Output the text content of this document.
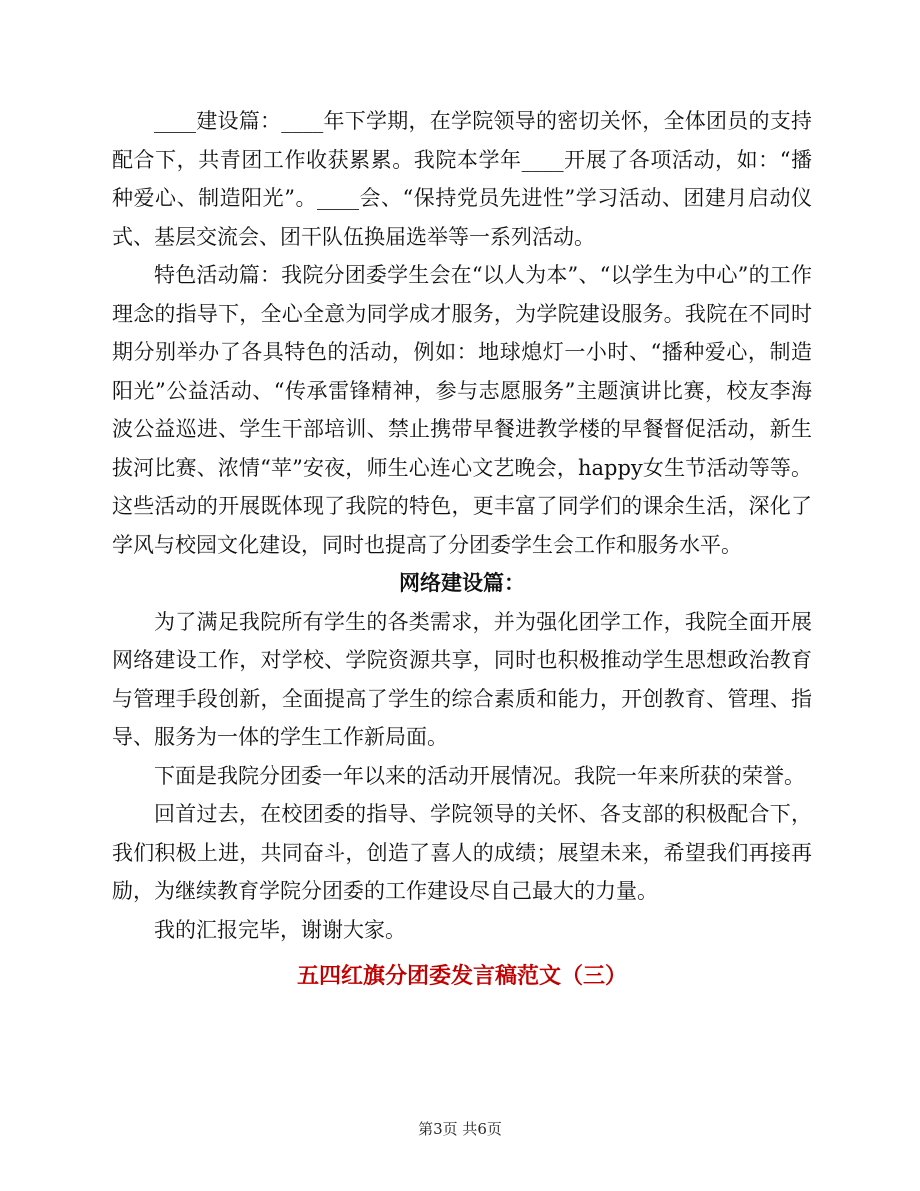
____建设篇：____年下学期，在学院领导的密切关怀，全体团员的支持配合下，共青团工作收获累累。我院本学年____开展了各项活动，如：“播种爱心、制造阳光”。____会、“保持党员先进性”学习活动、团建月启动仪式、基层交流会、团干队伍换届选举等一系列活动。

特色活动篇：我院分团委学生会在“以人为本”、“以学生为中心”的工作理念的指导下，全心全意为同学成才服务，为学院建设服务。我院在不同时期分别举办了各具特色的活动，例如：地球熄灯一小时、“播种爱心，制造阳光”公益活动、“传承雷锋精神，参与志愿服务”主题演讲比赛，校友李海波公益巡进、学生干部培训、禁止携带早餐进教学楼的早餐督促活动，新生拔河比赛、浓情“苹”安夜，师生心连心文艺晚会，happy女生节活动等等。这些活动的开展既体现了我院的特色，更丰富了同学们的课余生活，深化了学风与校园文化建设，同时也提高了分团委学生会工作和服务水平。

网络建设篇：

为了满足我院所有学生的各类需求，并为强化团学工作，我院全面开展网络建设工作，对学校、学院资源共享，同时也积极推动学生思想政治教育与管理手段创新，全面提高了学生的综合素质和能力，开创教育、管理、指导、服务为一体的学生工作新局面。

下面是我院分团委一年以来的活动开展情况。我院一年来所获的荣誉。

回首过去，在校团委的指导、学院领导的关怀、各支部的积极配合下，我们积极上进，共同奋斗，创造了喜人的成绩；展望未来，希望我们再接再励，为继续教育学院分团委的工作建设尽自己最大的力量。

我的汇报完毕，谢谢大家。

五四红旗分团委发言稿范文（三）

第3页 共6页
